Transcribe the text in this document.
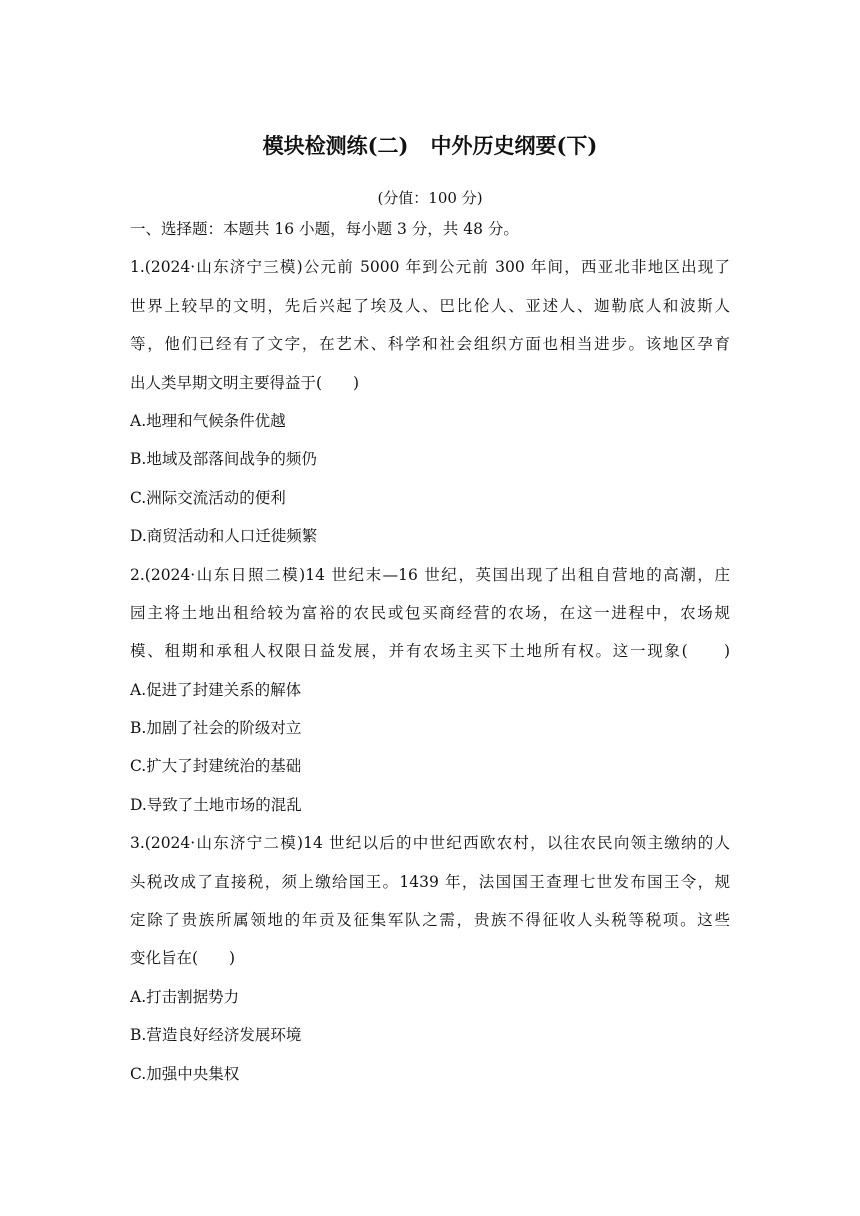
模块检测练(二) 中外历史纲要(下)
(分值：100 分)
一、选择题：本题共 16 小题，每小题 3 分，共 48 分。
1.(2024·山东济宁三模)公元前 5000 年到公元前 300 年间，西亚北非地区出现了
世界上较早的文明，先后兴起了埃及人、巴比伦人、亚述人、迦勒底人和波斯人
等，他们已经有了文字，在艺术、科学和社会组织方面也相当进步。该地区孕育
出人类早期文明主要得益于(　　)
A.地理和气候条件优越
B.地域及部落间战争的频仍
C.洲际交流活动的便利
D.商贸活动和人口迁徙频繁
2.(2024·山东日照二模)14 世纪末—16 世纪，英国出现了出租自营地的高潮，庄
园主将土地出租给较为富裕的农民或包买商经营的农场，在这一进程中，农场规
模、租期和承租人权限日益发展，并有农场主买下土地所有权。这一现象(　　)
A.促进了封建关系的解体
B.加剧了社会的阶级对立
C.扩大了封建统治的基础
D.导致了土地市场的混乱
3.(2024·山东济宁二模)14 世纪以后的中世纪西欧农村，以往农民向领主缴纳的人
头税改成了直接税，须上缴给国王。1439 年，法国国王查理七世发布国王令，规
定除了贵族所属领地的年贡及征集军队之需，贵族不得征收人头税等税项。这些
变化旨在(　　)
A.打击割据势力
B.营造良好经济发展环境
C.加强中央集权
